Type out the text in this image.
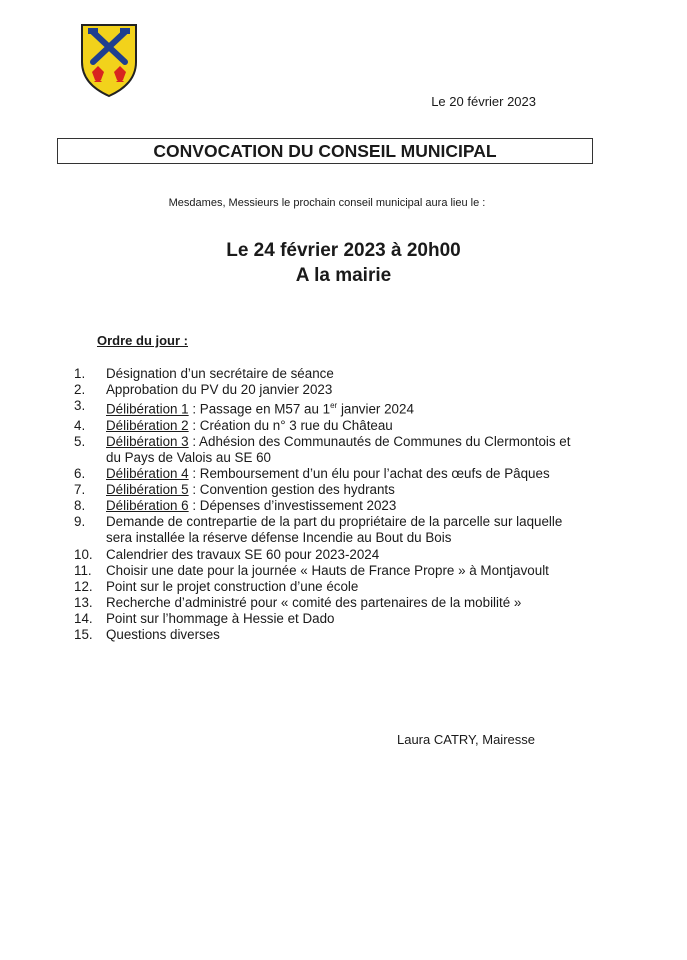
Le 20 février 2023
CONVOCATION DU CONSEIL MUNICIPAL
Mesdames, Messieurs le prochain conseil municipal aura lieu le :
Le 24 février 2023 à 20h00
A la mairie
Ordre du jour :
1. Désignation d’un secrétaire de séance
2. Approbation du PV du 20 janvier 2023
3. Délibération 1 : Passage en M57 au 1er janvier 2024
4. Délibération 2 : Création du n° 3 rue du Château
5. Délibération 3 : Adhésion des Communautés de Communes du Clermontois et du Pays de Valois au SE 60
6. Délibération 4 : Remboursement d’un élu pour l’achat des œufs de Pâques
7. Délibération 5 : Convention gestion des hydrants
8. Délibération 6 : Dépenses d’investissement 2023
9. Demande de contrepartie de la part du propriétaire de la parcelle sur laquelle sera installée la réserve défense Incendie au Bout du Bois
10. Calendrier des travaux SE 60 pour 2023-2024
11. Choisir une date pour la journée « Hauts de France Propre » à Montjavoult
12. Point sur le projet construction d’une école
13. Recherche d’administré pour « comité des partenaires de la mobilité »
14. Point sur l’hommage à Hessie et Dado
15. Questions diverses
Laura CATRY, Mairesse
